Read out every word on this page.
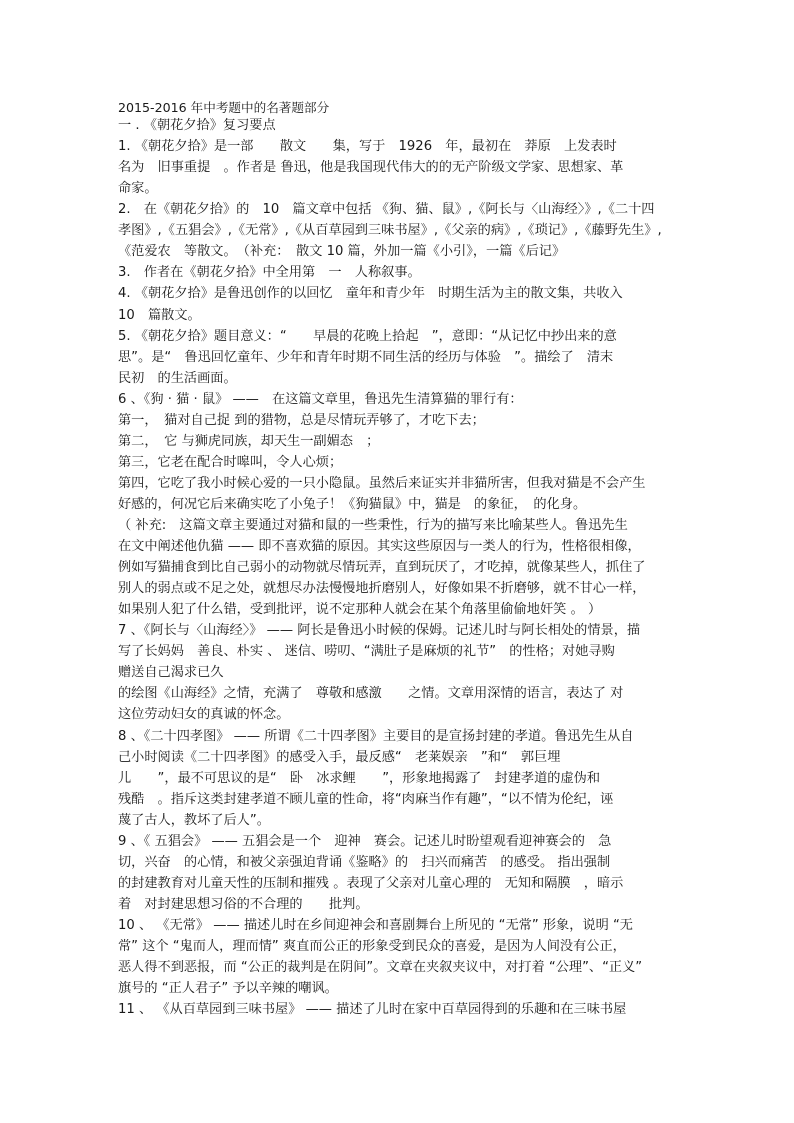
2015-2016 年中考题中的名著题部分

一 . 《朝花夕拾》复习要点

1. 《朝花夕拾》是一部　　散文　　集，写于　1926　年，最初在　莽原　上发表时

名为　旧事重提　。作者是 鲁迅，他是我国现代伟大的的无产阶级文学家、思想家、革

命家。

2.　在《朝花夕拾》的　10　篇文章中包括 《狗、猫、鼠》,《阿长与〈山海经〉》,《二十四

孝图》,《五猖会》,《无常》,《从百草园到三味书屋》,《父亲的病》,《琐记》,《藤野先生》,

《范爱农　等散文。　（补充：　散文 10 篇，外加一篇《小引》，一篇《后记》

3.　作者在《朝花夕拾》中全用第　一　人称叙事。

4. 《朝花夕拾》是鲁迅创作的以回忆　童年和青少年　时期生活为主的散文集，共收入

10　篇散文。

5. 《朝花夕拾》题目意义：“　　早晨的花晚上拾起　”，意即：“从记忆中抄出来的意

思”。是“　鲁迅回忆童年、少年和青年时期不同生活的经历与体验　”。描绘了　清末

民初　的生活画面。

6 、《狗 · 猫 · 鼠》 ——　在这篇文章里，鲁迅先生清算猫的罪行有：

第一，　猫对自己捉 到的猎物，总是尽情玩弄够了，才吃下去；

第二，　它 与狮虎同族，却天生一副媚态　；

第三，它老在配合时嗥叫，令人心烦；

第四，它吃了我小时候心爱的一只小隐鼠。虽然后来证实并非猫所害，但我对猫是不会产生

好感的，何况它后来确实吃了小兔子！《狗猫鼠》中，猫是　的象征，　的化身。

（ 补充:　这篇文章主要通过对猫和鼠的一些秉性，行为的描写来比喻某些人。鲁迅先生

在文中阐述他仇猫 —— 即不喜欢猫的原因。其实这些原因与一类人的行为，性格很相像，

例如写猫捕食到比自己弱小的动物就尽情玩弄，直到玩厌了，才吃掉，就像某些人，抓住了

别人的弱点或不足之处，就想尽办法慢慢地折磨别人，好像如果不折磨够，就不甘心一样，

如果别人犯了什么错，受到批评，说不定那种人就会在某个角落里偷偷地奸笑 。 ）

7 、《阿长与〈山海经〉》 —— 阿长是鲁迅小时候的保姆。记述儿时与阿长相处的情景，描

写了长妈妈　善良、朴实 、 迷信、唠叨、“满肚子是麻烦的礼节”　的性格；对她寻购

赠送自己渴求已久

的绘图《山海经》之情，充满了　尊敬和感激　　之情。文章用深情的语言，表达了 对

这位劳动妇女的真诚的怀念。

8 、《二十四孝图》 —— 所谓《二十四孝图》主要目的是宣扬封建的孝道。鲁迅先生从自

己小时阅读《二十四孝图》的感受入手，最反感“　老莱娱亲　”和“　郭巨埋

儿　　”，最不可思议的是“　卧　冰求鲤　　”，形象地揭露了　封建孝道的虚伪和

残酷　。指斥这类封建孝道不顾儿童的性命，将“肉麻当作有趣”，“以不情为伦纪，诬

蔑了古人，教坏了后人”。

9 、《 五猖会》 —— 五猖会是一个　迎神　赛会。记述儿时盼望观看迎神赛会的　急

切，兴奋　的心情，和被父亲强迫背诵《鉴略》的　扫兴而痛苦　的感受。 指出强制

的封建教育对儿童天性的压制和摧残 。表现了父亲对儿童心理的　无知和隔膜　，暗示

着　对封建思想习俗的不合理的　　批判。

10 、 《无常》 —— 描述儿时在乡间迎神会和喜剧舞台上所见的 “无常” 形象，说明 “无

常” 这个 “鬼而人，理而情” 爽直而公正的形象受到民众的喜爱，是因为人间没有公正，

恶人得不到恶报，而 “公正的裁判是在阴间”。文章在夹叙夹议中，对打着 “公理”、“正义”

旗号的 “正人君子” 予以辛辣的嘲讽。

11 、 《从百草园到三味书屋》 —— 描述了儿时在家中百草园得到的乐趣和在三味书屋
